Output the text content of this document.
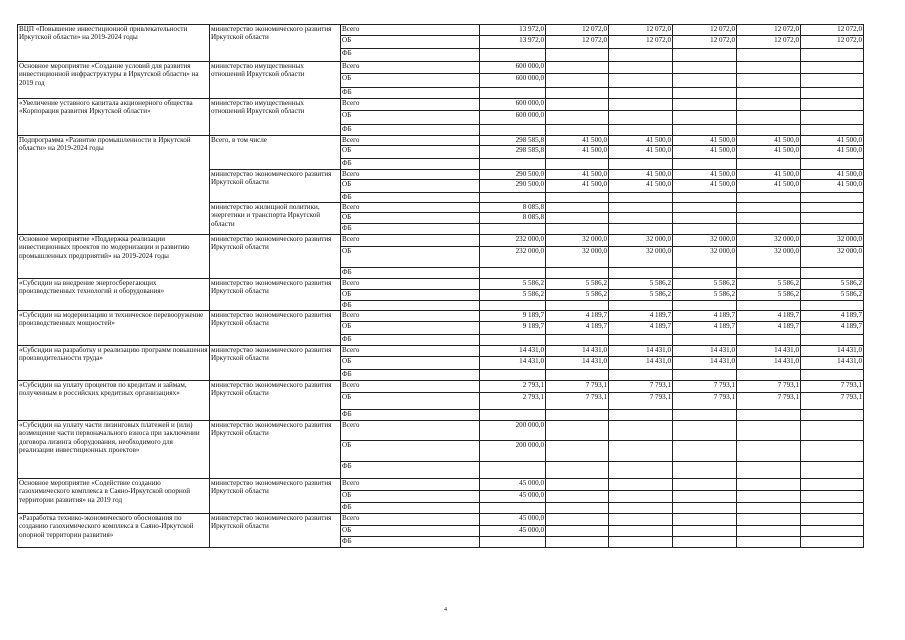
ВЦП «Повышение инвестиционной привлекательности Иркутской области» на 2019-2024 годы	министерство экономического развития Иркутской области	Всего	13 972,0	12 072,0	12 072,0	12 072,0	12 072,0	12 072,0
		ОБ	13 972,0	12 072,0	12 072,0	12 072,0	12 072,0	12 072,0
		ФБ						
Основное мероприятие «Создание условий для развития инвестиционной инфраструктуры в Иркутской области» на 2019 год	министерство имущественных отношений Иркутской области	Всего	600 000,0					
		ОБ	600 000,0					
		ФБ						
«Увеличение уставного капитала акционерного общества «Корпорация развития Иркутской области»	министерство имущественных отношений Иркутской области	Всего	600 000,0					
		ОБ	600 000,0					
		ФБ						
Подпрограмма «Развитие промышленности в Иркутской области» на 2019-2024 годы	Всего, в том числе	Всего	298 585,8	41 500,0	41 500,0	41 500,0	41 500,0	41 500,0
		ОБ	298 585,8	41 500,0	41 500,0	41 500,0	41 500,0	41 500,0
		ФБ						
	министерство экономического развития Иркутской области	Всего	290 500,0	41 500,0	41 500,0	41 500,0	41 500,0	41 500,0
		ОБ	290 500,0	41 500,0	41 500,0	41 500,0	41 500,0	41 500,0
		ФБ						
	министерство жилищной политики, энергетики и транспорта Иркутской области	Всего	8 085,8					
		ОБ	8 085,8					
		ФБ						
Основное мероприятие «Поддержка реализации инвестиционных проектов по модернизации и развитию промышленных предприятий» на 2019-2024 годы	министерство экономического развития Иркутской области	Всего	232 000,0	32 000,0	32 000,0	32 000,0	32 000,0	32 000,0
		ОБ	232 000,0	32 000,0	32 000,0	32 000,0	32 000,0	32 000,0
		ФБ						
«Субсидии на внедрение энергосберегающих производственных технологий и оборудования»	министерство экономического развития Иркутской области	Всего	5 586,2	5 586,2	5 586,2	5 586,2	5 586,2	5 586,2
		ОБ	5 586,2	5 586,2	5 586,2	5 586,2	5 586,2	5 586,2
		ФБ						
«Субсидии на модернизацию и техническое перевооружение производственных мощностей»	министерство экономического развития Иркутской области	Всего	9 189,7	4 189,7	4 189,7	4 189,7	4 189,7	4 189,7
		ОБ	9 189,7	4 189,7	4 189,7	4 189,7	4 189,7	4 189,7
		ФБ						
«Субсидии на разработку и реализацию программ повышения производительности труда»	министерство экономического развития Иркутской области	Всего	14 431,0	14 431,0	14 431,0	14 431,0	14 431,0	14 431,0
		ОБ	14 431,0	14 431,0	14 431,0	14 431,0	14 431,0	14 431,0
		ФБ						
«Субсидии на уплату процентов по кредитам и займам, полученным в российских кредитных организациях»	министерство экономического развития Иркутской области	Всего	2 793,1	7 793,1	7 793,1	7 793,1	7 793,1	7 793,1
		ОБ	2 793,1	7 793,1	7 793,1	7 793,1	7 793,1	7 793,1
		ФБ						
«Субсидии на уплату части лизинговых платежей и (или) возмещение части первоначального взноса при заключении договора лизинга оборудования, необходимого для реализации инвестиционных проектов»	министерство экономического развития Иркутской области	Всего	200 000,0					
		ОБ	200 000,0					
		ФБ						
Основное мероприятие «Содействие созданию газохимического комплекса в Саяно-Иркутской опорной территории развития» на 2019 год	министерство экономического развития Иркутской области	Всего	45 000,0					
		ОБ	45 000,0					
		ФБ						
«Разработка технико-экономического обоснования по созданию газохимического комплекса в Саяно-Иркутской опорной территории развития»	министерство экономического развития Иркутской области	Всего	45 000,0					
		ОБ	45 000,0					
		ФБ						
4
